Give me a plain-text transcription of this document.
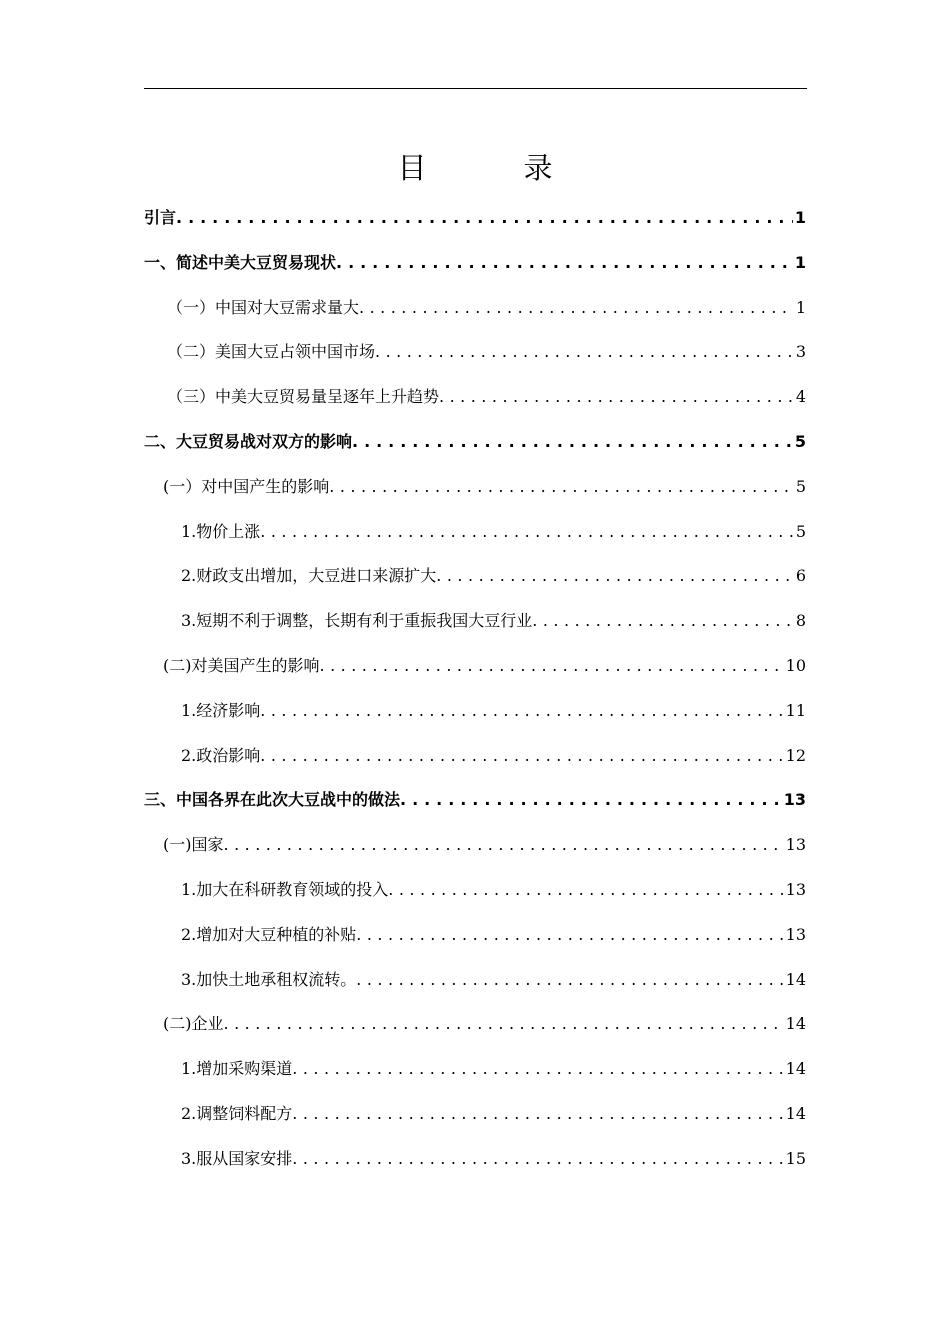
目　录
引言 . . .	1
一、简述中美大豆贸易现状 . . .	1
（一）中国对大豆需求量大 . . .	1
（二）美国大豆占领中国市场 . . .	3
（三）中美大豆贸易量呈逐年上升趋势 . . .	4
二、大豆贸易战对双方的影响 . . .	5
(一）对中国产生的影响 . . .	5
1.物价上涨 . . .	5
2.财政支出增加，大豆进口来源扩大 . . .	6
3.短期不利于调整，长期有利于重振我国大豆行业 . . .	8
(二)对美国产生的影响 . . .	10
1.经济影响 . . .	11
2.政治影响 . . .	12
三、中国各界在此次大豆战中的做法 . . .	13
(一)国家 . . .	13
1.加大在科研教育领域的投入 . . .	13
2.增加对大豆种植的补贴 . . .	13
3.加快土地承租权流转。 . . .	14
(二)企业 . . .	14
1.增加采购渠道 . . .	14
2.调整饲料配方 . . .	14
3.服从国家安排 . . .	15
